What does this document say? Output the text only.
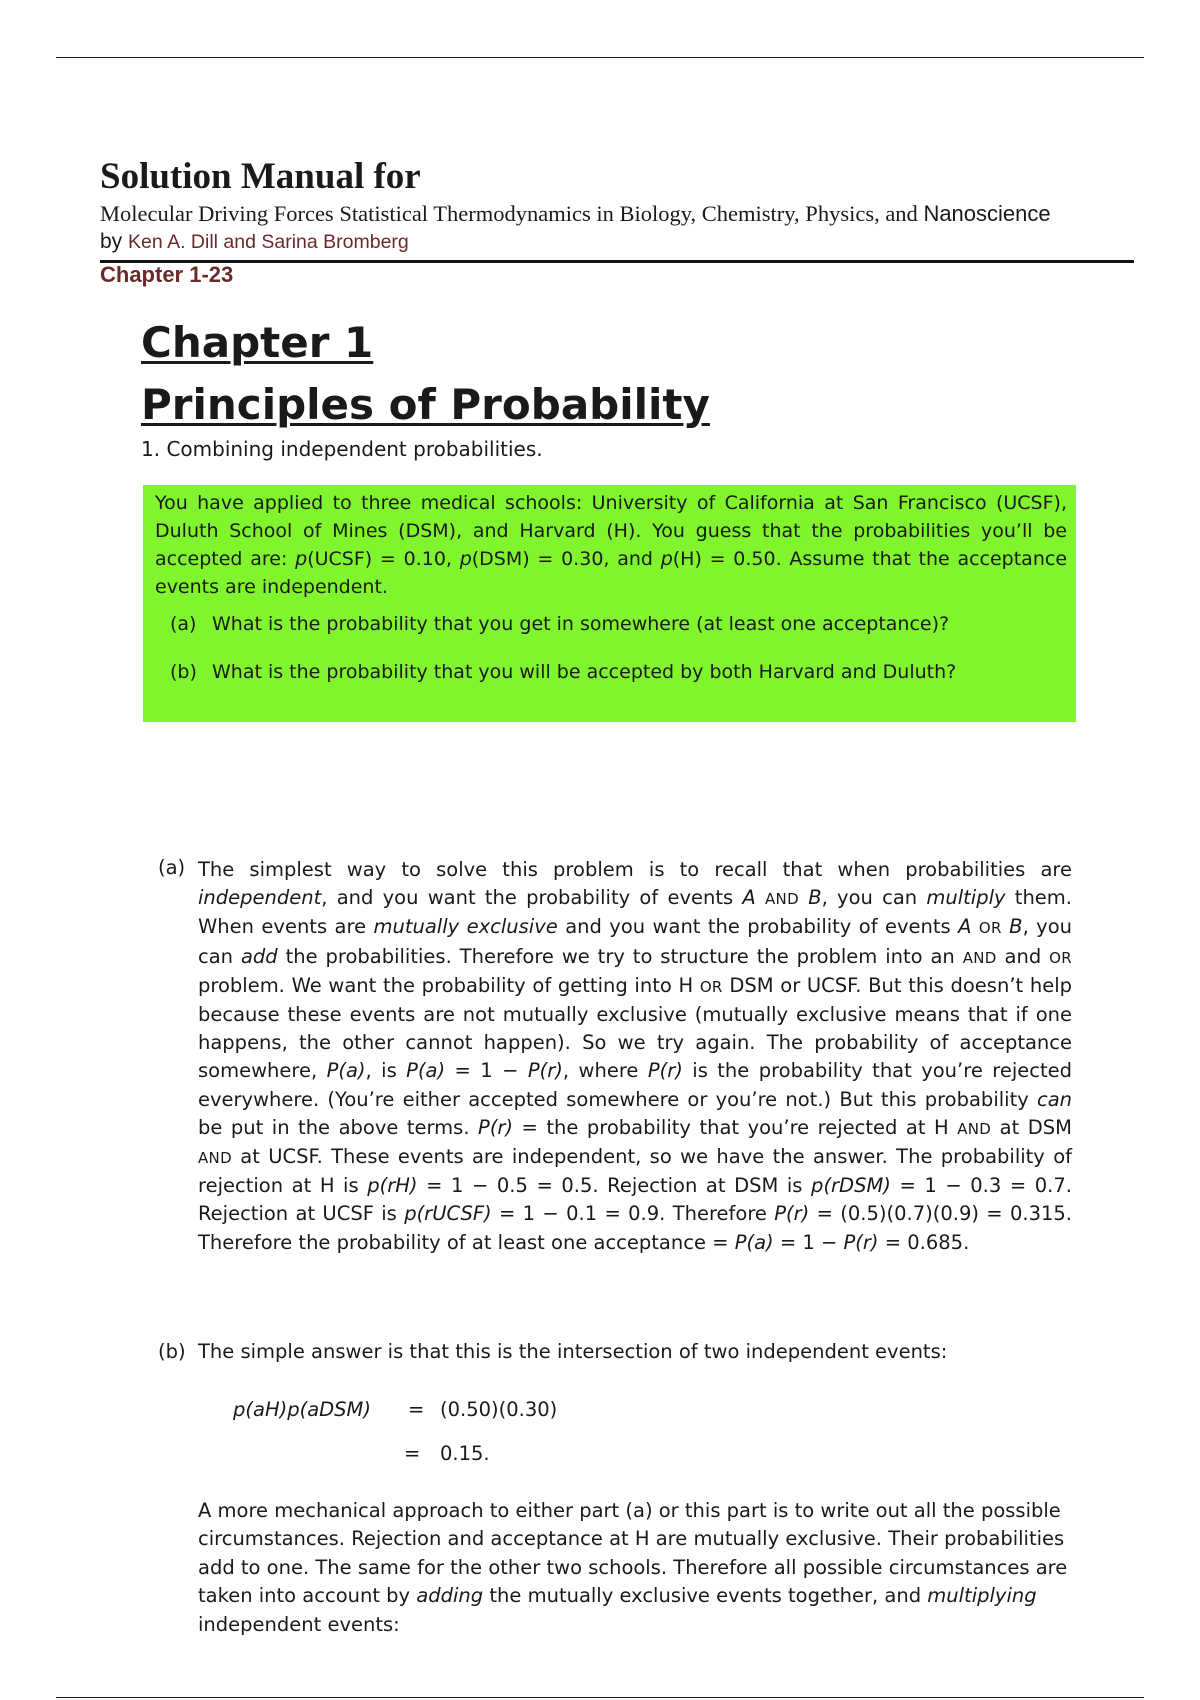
Solution Manual for
Molecular Driving Forces Statistical Thermodynamics in Biology, Chemistry, Physics, and Nanoscience
by Ken A. Dill and Sarina Bromberg
Chapter 1-23
Chapter 1
Principles of Probability
1. Combining independent probabilities.
You have applied to three medical schools: University of California at San Francisco (UCSF), Duluth School of Mines (DSM), and Harvard (H). You guess that the probabilities you’ll be accepted are: p(UCSF) = 0.10, p(DSM) = 0.30, and p(H) = 0.50. Assume that the acceptance events are independent.
(a) What is the probability that you get in somewhere (at least one acceptance)?
(b) What is the probability that you will be accepted by both Harvard and Duluth?
(a) The simplest way to solve this problem is to recall that when probabilities are independent, and you want the probability of events A AND B, you can multiply them. When events are mutually exclusive and you want the probability of events A OR B, you can add the probabilities. Therefore we try to structure the problem into an AND and OR problem. We want the probability of getting into H OR DSM or UCSF. But this doesn’t help because these events are not mutually exclusive (mutually exclusive means that if one happens, the other cannot happen). So we try again. The probability of acceptance somewhere, P(a), is P(a) = 1 − P(r), where P(r) is the probability that you’re rejected everywhere. (You’re either accepted somewhere or you’re not.) But this probability can be put in the above terms. P(r) = the probability that you’re rejected at H AND at DSM AND at UCSF. These events are independent, so we have the answer. The probability of rejection at H is p(rH) = 1 − 0.5 = 0.5. Rejection at DSM is p(rDSM) = 1 − 0.3 = 0.7. Rejection at UCSF is p(rUCSF) = 1 − 0.1 = 0.9. Therefore P(r) = (0.5)(0.7)(0.9) = 0.315. Therefore the probability of at least one acceptance = P(a) = 1 − P(r) = 0.685.
(b) The simple answer is that this is the intersection of two independent events:
p(aH)p(aDSM) = (0.50)(0.30)
= 0.15.
A more mechanical approach to either part (a) or this part is to write out all the possible circumstances. Rejection and acceptance at H are mutually exclusive. Their probabilities add to one. The same for the other two schools. Therefore all possible circumstances are taken into account by adding the mutually exclusive events together, and multiplying independent events:
